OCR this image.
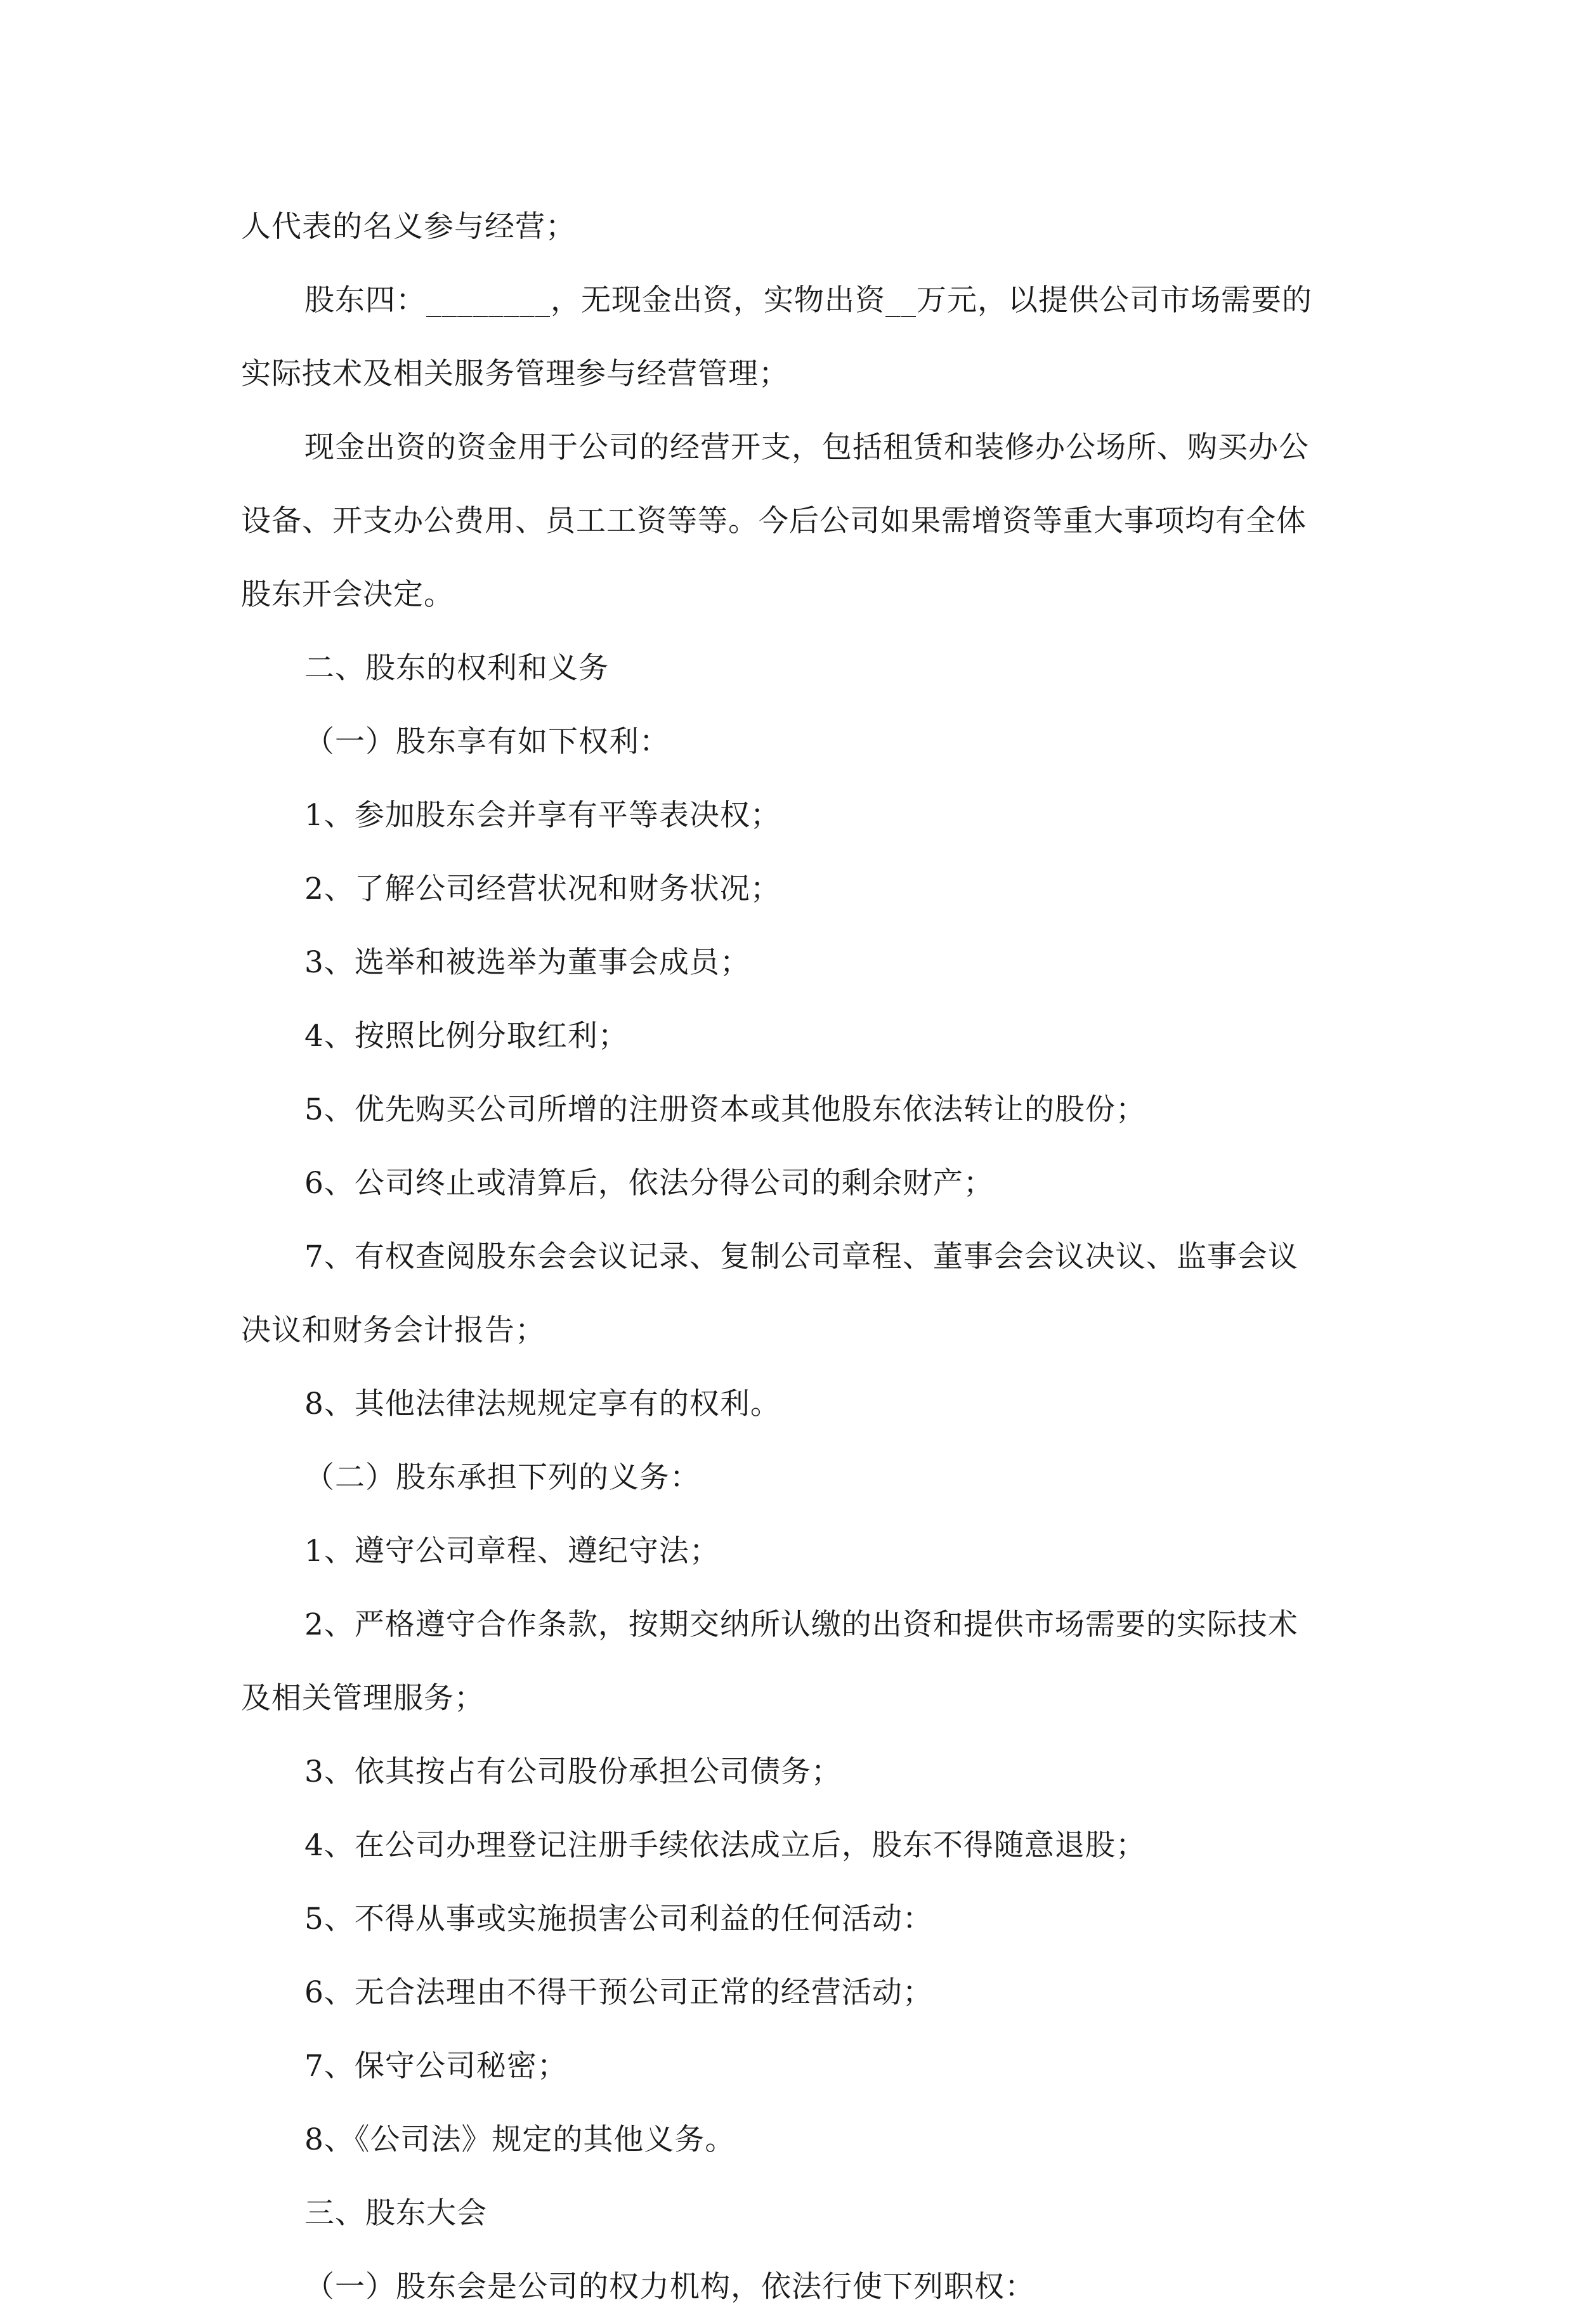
人代表的名义参与经营；

股东四：________，无现金出资，实物出资__万元，以提供公司市场需要的

实际技术及相关服务管理参与经营管理；

现金出资的资金用于公司的经营开支，包括租赁和装修办公场所、购买办公

设备、开支办公费用、员工工资等等。今后公司如果需增资等重大事项均有全体

股东开会决定。

二、股东的权利和义务

（一）股东享有如下权利：

1、参加股东会并享有平等表决权；

2、了解公司经营状况和财务状况；

3、选举和被选举为董事会成员；

4、按照比例分取红利；

5、优先购买公司所增的注册资本或其他股东依法转让的股份；

6、公司终止或清算后，依法分得公司的剩余财产；

7、有权查阅股东会会议记录、复制公司章程、董事会会议决议、监事会议

决议和财务会计报告；

8、其他法律法规规定享有的权利。

（二）股东承担下列的义务：

1、遵守公司章程、遵纪守法；

2、严格遵守合作条款，按期交纳所认缴的出资和提供市场需要的实际技术

及相关管理服务；

3、依其按占有公司股份承担公司债务；

4、在公司办理登记注册手续依法成立后，股东不得随意退股；

5、不得从事或实施损害公司利益的任何活动：

6、无合法理由不得干预公司正常的经营活动；

7、保守公司秘密；

8、《公司法》规定的其他义务。

三、股东大会

（一）股东会是公司的权力机构，依法行使下列职权：
